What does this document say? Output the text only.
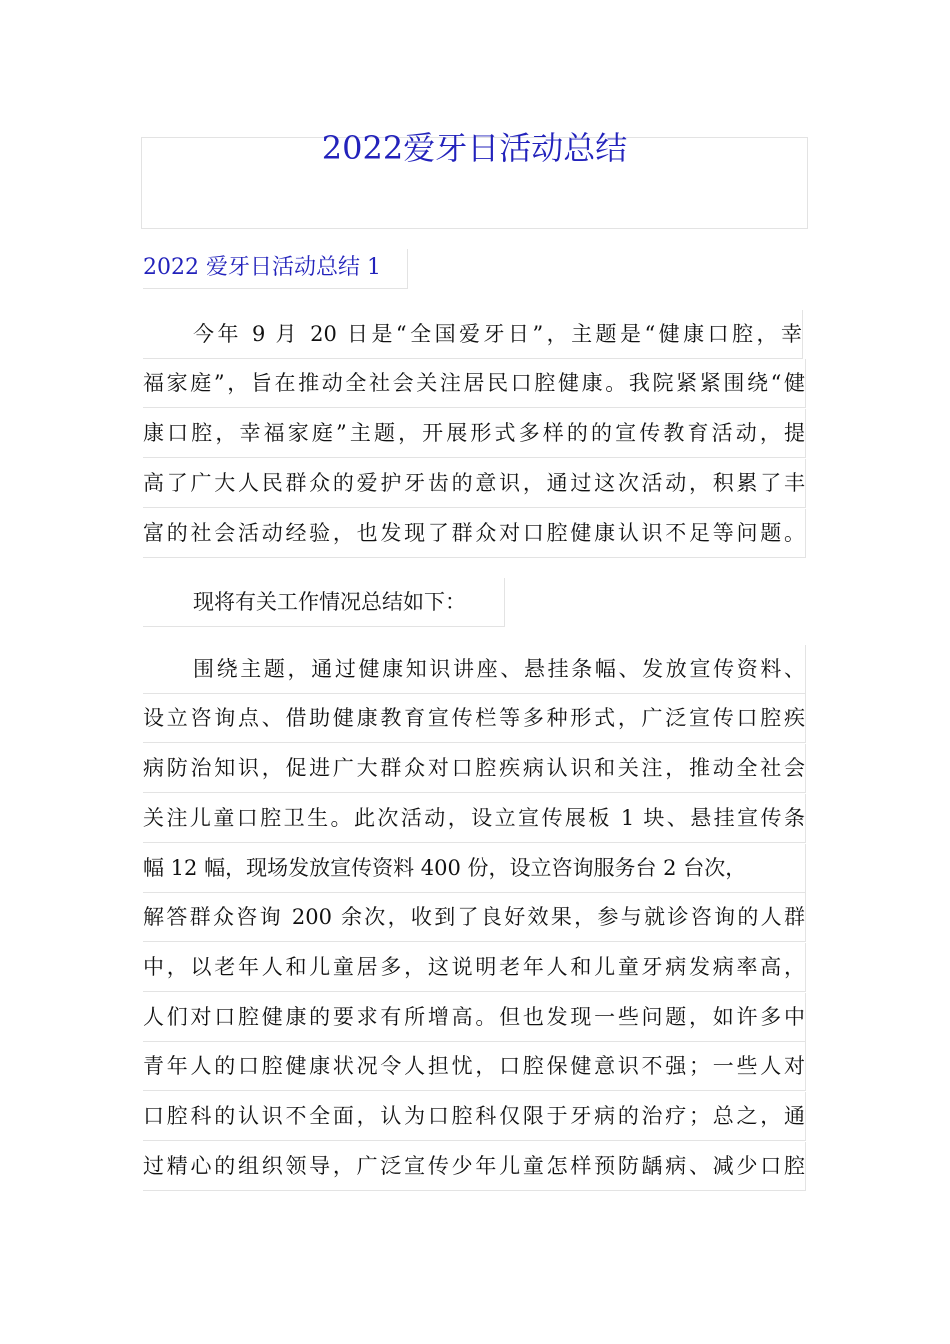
2022爱牙日活动总结
2022 爱牙日活动总结 1
今年 9 月 20 日是“全国爱牙日”，主题是“健康口腔，幸
福家庭”，旨在推动全社会关注居民口腔健康。我院紧紧围绕“健
康口腔，幸福家庭”主题，开展形式多样的的宣传教育活动，提
高了广大人民群众的爱护牙齿的意识，通过这次活动，积累了丰
富的社会活动经验，也发现了群众对口腔健康认识不足等问题。
现将有关工作情况总结如下：
围绕主题，通过健康知识讲座、悬挂条幅、发放宣传资料、
设立咨询点、借助健康教育宣传栏等多种形式，广泛宣传口腔疾
病防治知识，促进广大群众对口腔疾病认识和关注，推动全社会
关注儿童口腔卫生。此次活动，设立宣传展板 1 块、悬挂宣传条
幅 12 幅，现场发放宣传资料 400 份，设立咨询服务台 2 台次，
解答群众咨询 200 余次，收到了良好效果，参与就诊咨询的人群
中，以老年人和儿童居多，这说明老年人和儿童牙病发病率高，
人们对口腔健康的要求有所增高。但也发现一些问题，如许多中
青年人的口腔健康状况令人担忧，口腔保健意识不强；一些人对
口腔科的认识不全面，认为口腔科仅限于牙病的治疗；总之，通
过精心的组织领导，广泛宣传少年儿童怎样预防龋病、减少口腔
